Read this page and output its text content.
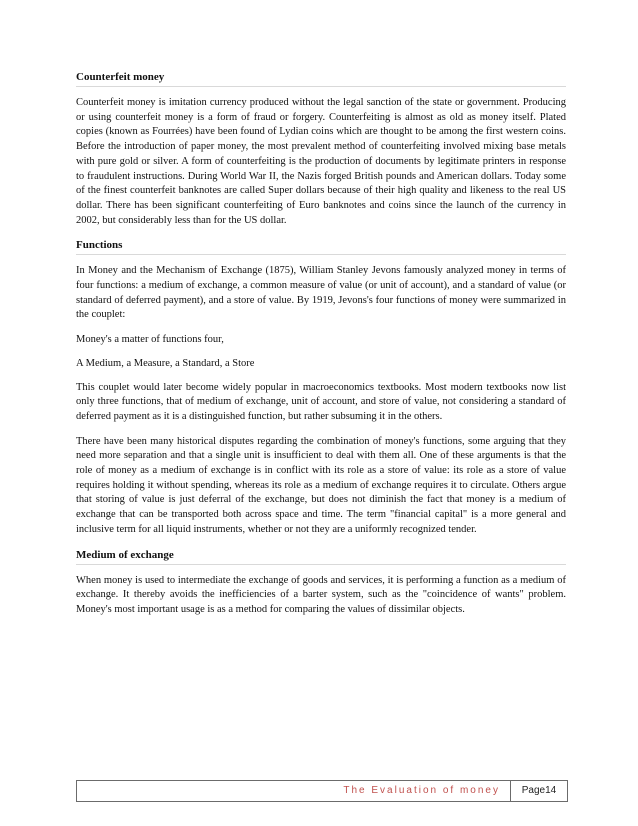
Counterfeit money

Counterfeit money is imitation currency produced without the legal sanction of the state or government. Producing or using counterfeit money is a form of fraud or forgery. Counterfeiting is almost as old as money itself. Plated copies (known as Fourrées) have been found of Lydian coins which are thought to be among the first western coins. Before the introduction of paper money, the most prevalent method of counterfeiting involved mixing base metals with pure gold or silver. A form of counterfeiting is the production of documents by legitimate printers in response to fraudulent instructions. During World War II, the Nazis forged British pounds and American dollars. Today some of the finest counterfeit banknotes are called Super dollars because of their high quality and likeness to the real US dollar. There has been significant counterfeiting of Euro banknotes and coins since the launch of the currency in 2002, but considerably less than for the US dollar.

Functions

In Money and the Mechanism of Exchange (1875), William Stanley Jevons famously analyzed money in terms of four functions: a medium of exchange, a common measure of value (or unit of account), and a standard of value (or standard of deferred payment), and a store of value. By 1919, Jevons's four functions of money were summarized in the couplet:

Money's a matter of functions four,

A Medium, a Measure, a Standard, a Store

This couplet would later become widely popular in macroeconomics textbooks. Most modern textbooks now list only three functions, that of medium of exchange, unit of account, and store of value, not considering a standard of deferred payment as it is a distinguished function, but rather subsuming it in the others.

There have been many historical disputes regarding the combination of money's functions, some arguing that they need more separation and that a single unit is insufficient to deal with them all. One of these arguments is that the role of money as a medium of exchange is in conflict with its role as a store of value: its role as a store of value requires holding it without spending, whereas its role as a medium of exchange requires it to circulate. Others argue that storing of value is just deferral of the exchange, but does not diminish the fact that money is a medium of exchange that can be transported both across space and time. The term "financial capital" is a more general and inclusive term for all liquid instruments, whether or not they are a uniformly recognized tender.

Medium of exchange

When money is used to intermediate the exchange of goods and services, it is performing a function as a medium of exchange. It thereby avoids the inefficiencies of a barter system, such as the "coincidence of wants" problem. Money's most important usage is as a method for comparing the values of dissimilar objects.

The Evaluation of money	Page14
